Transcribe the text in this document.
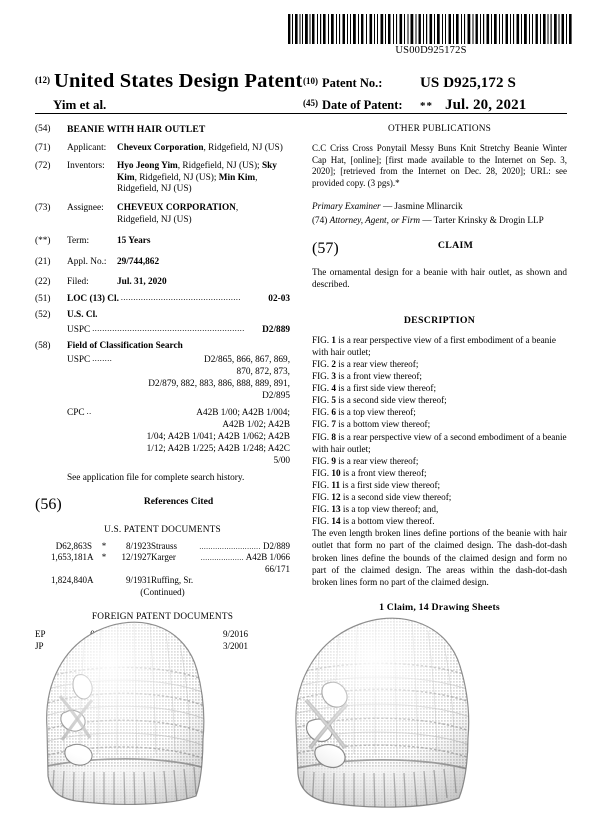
US00D925172S
(12) United States Design Patent (10) Patent No.:	US D925,172 S
Yim et al.	(45) Date of Patent:	** Jul. 20, 2021
(54)	BEANIE WITH HAIR OUTLET
(71)	Applicant:	Cheveux Corporation, Ridgefield, NJ (US)
(72)	Inventors:	Hyo Jeong Yim, Ridgefield, NJ (US); Sky Kim, Ridgefield, NJ (US); Min Kim, Ridgefield, NJ (US)
(73)	Assignee:	CHEVEUX CORPORATION,
Ridgefield, NJ (US)
(**)	Term:	15 Years
(21)	Appl. No.:	29/744,862
(22)	Filed:	Jul. 31, 2020
(51)	LOC (13) Cl. ................................................	02-03
(52)	U.S. Cl.
USPC .............................................................	D2/889
(58)	Field of Classification Search
USPC ........	D2/865, 866, 867, 869, 870, 872, 873,
D2/879, 882, 883, 886, 888, 889, 891,
D2/895
CPC ..	A42B 1/00; A42B 1/004; A42B 1/02; A42B
1/04; A42B 1/041; A42B 1/062; A42B
1/12; A42B 1/225; A42B 1/248; A42C
5/00
See application file for complete search history.
(56)	References Cited
U.S. PATENT DOCUMENTS
D62,863	S	*	8/1923	Strauss	........................... D2/889
1,653,181	A	*	12/1927	Karger	................... A42B 1/066
66/171					
1,824,840	A		9/1931	Ruffing, Sr.	
(Continued)
FOREIGN PATENT DOCUMENTS
EP		9/2016
JP		3/2001
OTHER PUBLICATIONS
C.C Criss Cross Ponytail Messy Buns Knit Stretchy Beanie Winter Cap Hat, [online]; [first made available to the Internet on Sep. 3, 2020]; [retrieved from the Internet on Dec. 28, 2020]; URL: see provided copy. (3 pgs).*
Primary Examiner — Jasmine Mlinarcik
(74) Attorney, Agent, or Firm — Tarter Krinsky & Drogin LLP
(57)	CLAIM
The ornamental design for a beanie with hair outlet, as shown and described.
DESCRIPTION
FIG. 1 is a rear perspective view of a first embodiment of a beanie with hair outlet;
FIG. 2 is a rear view thereof;
FIG. 3 is a front view thereof;
FIG. 4 is a first side view thereof;
FIG. 5 is a second side view thereof;
FIG. 6 is a top view thereof;
FIG. 7 is a bottom view thereof;
FIG. 8 is a rear perspective view of a second embodiment of a beanie with hair outlet;
FIG. 9 is a rear view thereof;
FIG. 10 is a front view thereof;
FIG. 11 is a first side view thereof;
FIG. 12 is a second side view thereof;
FIG. 13 is a top view thereof; and,
FIG. 14 is a bottom view thereof.
The even length broken lines define portions of the beanie with hair outlet that form no part of the claimed design. The dash-dot-dash broken lines define the bounds of the claimed design and form no part of the claimed design. The areas within the dash-dot-dash broken lines form no part of the claimed design.
1 Claim, 14 Drawing Sheets
